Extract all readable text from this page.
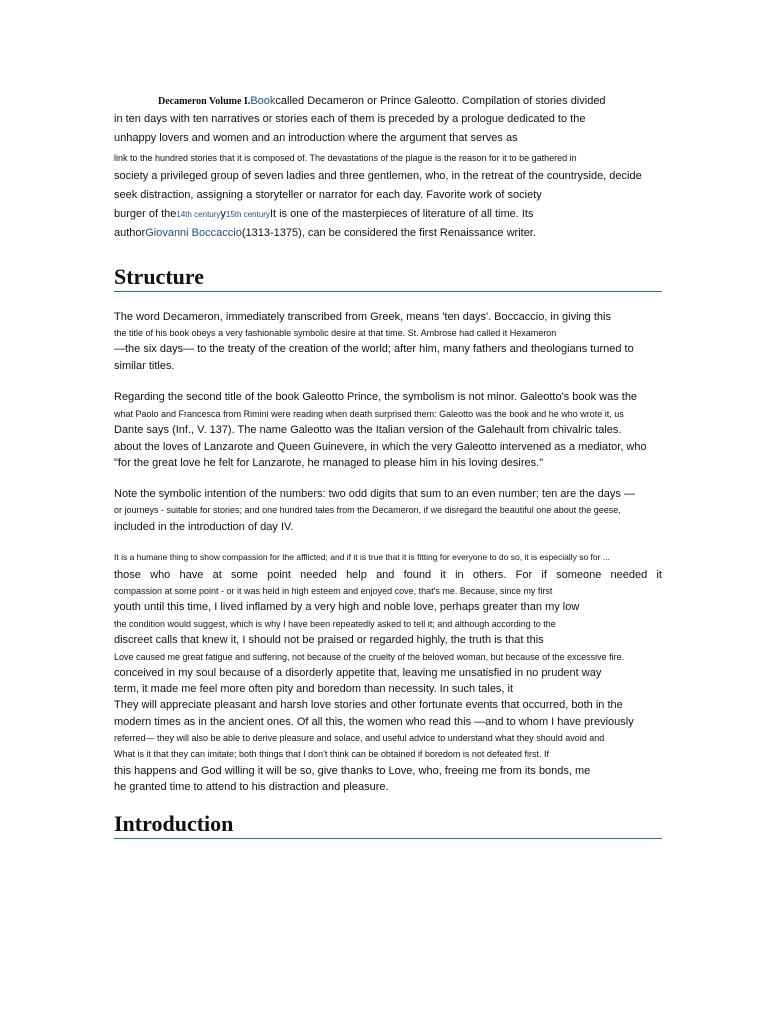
Decameron Volume I.Bookcalled Decameron or Prince Galeotto. Compilation of stories divided
in ten days with ten narratives or stories each of them is preceded by a prologue dedicated to the
unhappy lovers and women and an introduction where the argument that serves as
link to the hundred stories that it is composed of. The devastations of the plague is the reason for it to be gathered in
society a privileged group of seven ladies and three gentlemen, who, in the retreat of the countryside, decide
seek distraction, assigning a storyteller or narrator for each day. Favorite work of society
burger of the14th centuryy15th centuryIt is one of the masterpieces of literature of all time. Its
authorGiovanni Boccaccio(1313-1375), can be considered the first Renaissance writer.
Structure
The word Decameron, immediately transcribed from Greek, means 'ten days'. Boccaccio, in giving this
the title of his book obeys a very fashionable symbolic desire at that time. St. Ambrose had called it Hexameron
—the six days— to the treaty of the creation of the world; after him, many fathers and theologians turned to
similar titles.
Regarding the second title of the book Galeotto Prince, the symbolism is not minor. Galeotto's book was the
what Paolo and Francesca from Rimini were reading when death surprised them: Galeotto was the book and he who wrote it, us
Dante says (Inf., V. 137). The name Galeotto was the Italian version of the Galehault from chivalric tales.
about the loves of Lanzarote and Queen Guinevere, in which the very Galeotto intervened as a mediator, who
"for the great love he felt for Lanzarote, he managed to please him in his loving desires."
Note the symbolic intention of the numbers: two odd digits that sum to an even number; ten are the days —
or journeys - suitable for stories; and one hundred tales from the Decameron, if we disregard the beautiful one about the geese,
included in the introduction of day IV.
It is a humane thing to show compassion for the afflicted; and if it is true that it is fitting for everyone to do so, it is especially so for ...
those who have at some point needed help and found it in others. For if someone needed it
compassion at some point - or it was held in high esteem and enjoyed cove, that's me. Because, since my first
youth until this time, I lived inflamed by a very high and noble love, perhaps greater than my low
the condition would suggest, which is why I have been repeatedly asked to tell it; and although according to the
discreet calls that knew it, I should not be praised or regarded highly, the truth is that this
Love caused me great fatigue and suffering, not because of the cruelty of the beloved woman, but because of the excessive fire.
conceived in my soul because of a disorderly appetite that, leaving me unsatisfied in no prudent way
term, it made me feel more often pity and boredom than necessity. In such tales, it
They will appreciate pleasant and harsh love stories and other fortunate events that occurred, both in the
modern times as in the ancient ones. Of all this, the women who read this —and to whom I have previously
referred— they will also be able to derive pleasure and solace, and useful advice to understand what they should avoid and
What is it that they can imitate; both things that I don't think can be obtained if boredom is not defeated first. If
this happens and God willing it will be so, give thanks to Love, who, freeing me from its bonds, me
he granted time to attend to his distraction and pleasure.
Introduction
